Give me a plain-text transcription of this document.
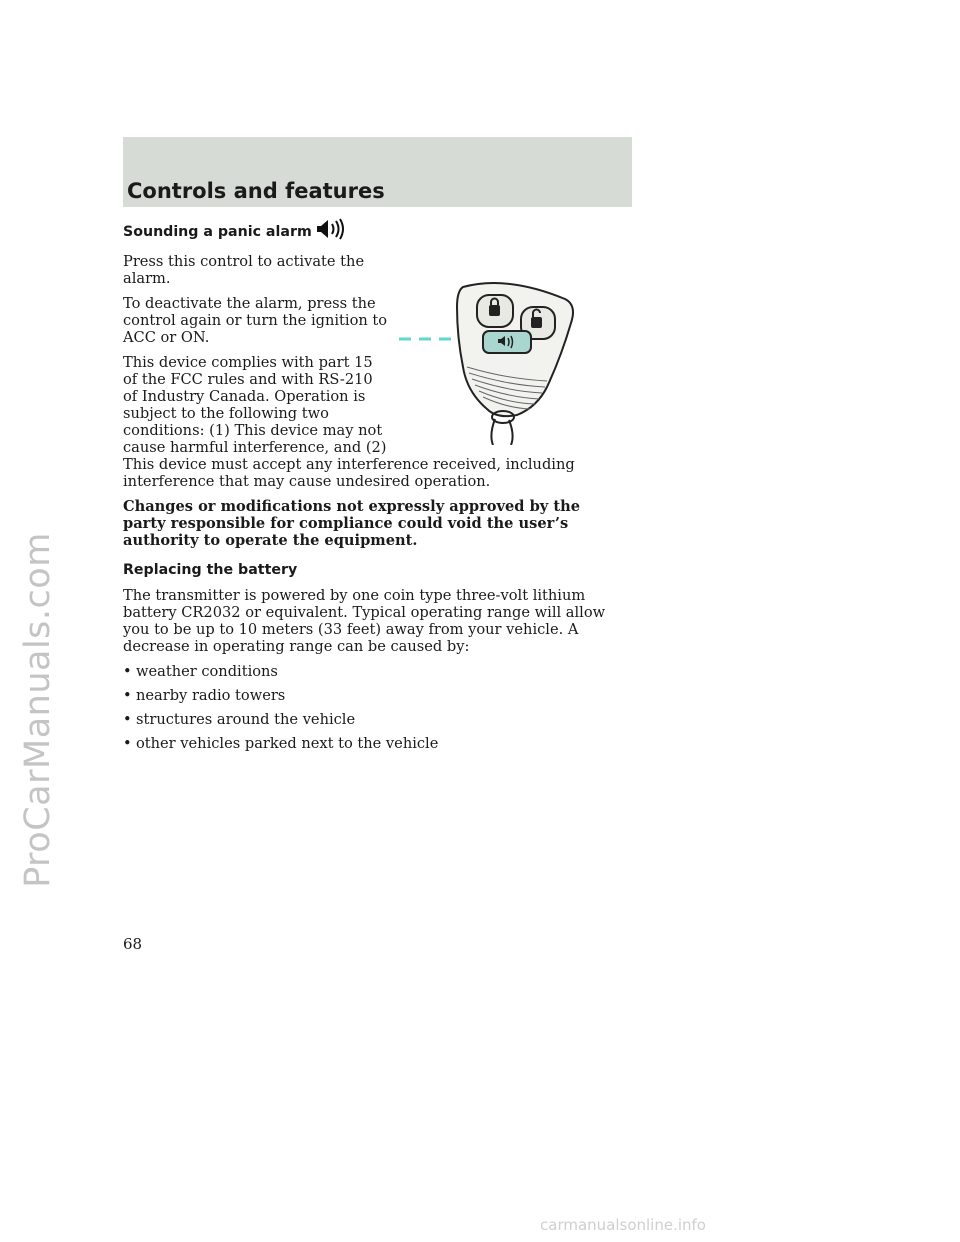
ProCarManuals.com
Controls and features
Sounding a panic alarm

Press this control to activate the alarm.

To deactivate the alarm, press the control again or turn the ignition to ACC or ON.

This device complies with part 15 of the FCC rules and with RS-210 of Industry Canada. Operation is subject to the following two conditions: (1) This device may not cause harmful interference, and (2) This device must accept any interference received, including interference that may cause undesired operation.

Changes or modifications not expressly approved by the party responsible for compliance could void the user’s authority to operate the equipment.

Replacing the battery

The transmitter is powered by one coin type three-volt lithium battery CR2032 or equivalent. Typical operating range will allow you to be up to 10 meters (33 feet) away from your vehicle. A decrease in operating range can be caused by:

• weather conditions
• nearby radio towers
• structures around the vehicle
• other vehicles parked next to the vehicle
68
carmanualsonline.info
